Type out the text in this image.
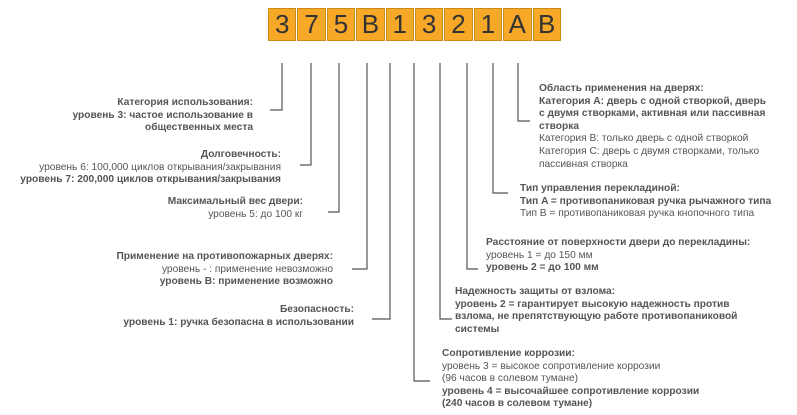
3 7 5 B 1 3 2 1 A B
Категория использования:
уровень 3: частое использование в
общественных места
Долговечность:
уровень 6: 100,000 циклов открывания/закрывания
уровень 7: 200,000 циклов открывания/закрывания
Максимальный вес двери:
уровень 5: до 100 кг
Применение на противопожарных дверях:
уровень - : применение невозможно
уровень B: применение возможно
Безопасность:
уровень 1: ручка безопасна в использовании
Сопротивление коррозии:
уровень 3 = высокое сопротивление коррозии
(96 часов в солевом тумане)
уровень 4 = высочайшее сопротивление коррозии
(240 часов в солевом тумане)
Надежность защиты от взлома:
уровень 2 = гарантирует высокую надежность против
взлома, не препятствующую работе противопаниковой
системы
Расстояние от поверхности двери до перекладины:
уровень 1 = до 150 мм
уровень 2 = до 100 мм
Тип управления перекладиной:
Тип A = противопаниковая ручка рычажного типа
Тип B = противопаниковая ручка кнопочного типа
Область применения на дверях:
Категория A: дверь с одной створкой, дверь
с двумя створками, активная или пассивная
створка
Категория B: только дверь с одной створкой
Категория C: дверь с двумя створками, только
пассивная створка
